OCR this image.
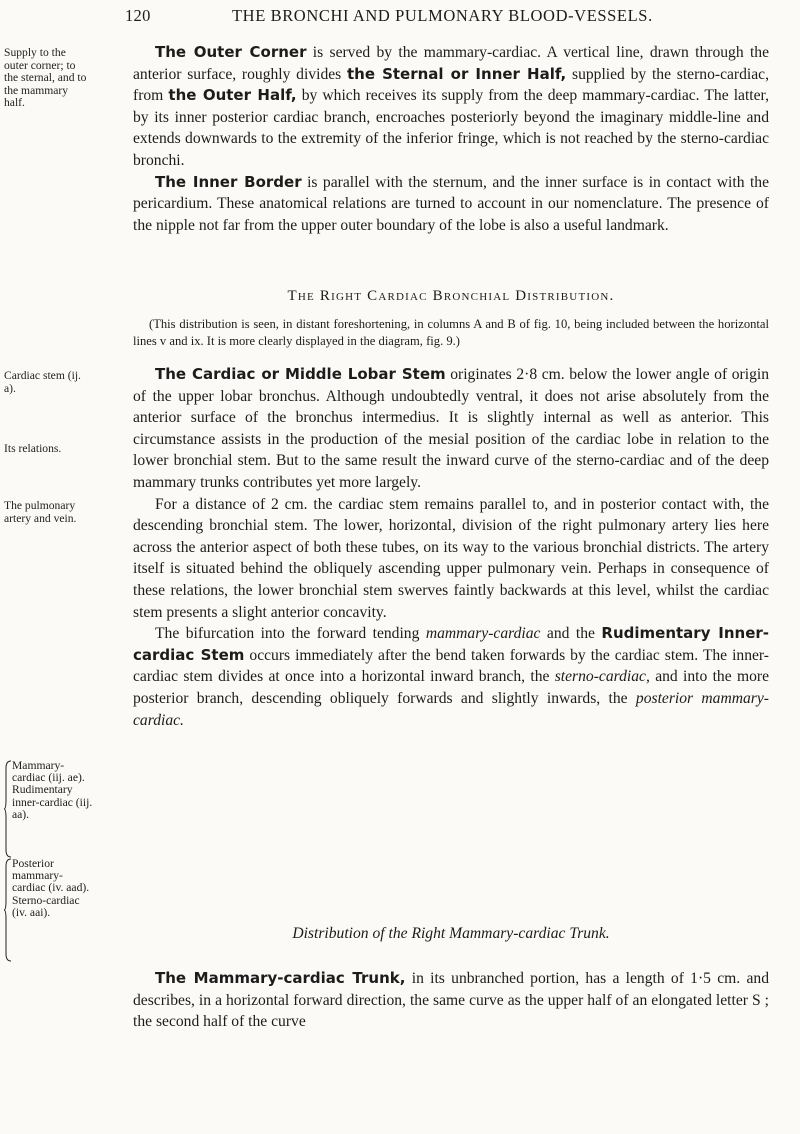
120	THE BRONCHI AND PULMONARY BLOOD-VESSELS.
Supply to the outer corner; to the sternal, and to the mammary half.
Cardiac stem (ij. a).
Its relations.
The pulmonary artery and vein.
Mammary-cardiac (iij. ae).
Rudimentary inner-cardiac (iij. aa).
Posterior mammary-cardiac (iv. aad).
Sterno-cardiac (iv. aai).

The Outer Corner is served by the mammary-cardiac. A vertical line, drawn through the anterior surface, roughly divides the Sternal or Inner Half, supplied by the sterno-cardiac, from the Outer Half, by which receives its supply from the deep mammary-cardiac. The latter, by its inner posterior cardiac branch, encroaches posteriorly beyond the imaginary middle-line and extends downwards to the extremity of the inferior fringe, which is not reached by the sterno-cardiac bronchi.

The Inner Border is parallel with the sternum, and the inner surface is in contact with the pericardium. These anatomical relations are turned to account in our nomenclature. The presence of the nipple not far from the upper outer boundary of the lobe is also a useful landmark.

The Right Cardiac Bronchial Distribution.

(This distribution is seen, in distant foreshortening, in columns A and B of fig. 10, being included between the horizontal lines v and ix. It is more clearly displayed in the diagram, fig. 9.)

The Cardiac or Middle Lobar Stem originates 2·8 cm. below the lower angle of origin of the upper lobar bronchus. Although undoubtedly ventral, it does not arise absolutely from the anterior surface of the bronchus intermedius. It is slightly internal as well as anterior. This circumstance assists in the production of the mesial position of the cardiac lobe in relation to the lower bronchial stem. But to the same result the inward curve of the sterno-cardiac and of the deep mammary trunks contributes yet more largely.

For a distance of 2 cm. the cardiac stem remains parallel to, and in posterior contact with, the descending bronchial stem. The lower, horizontal, division of the right pulmonary artery lies here across the anterior aspect of both these tubes, on its way to the various bronchial districts. The artery itself is situated behind the obliquely ascending upper pulmonary vein. Perhaps in consequence of these relations, the lower bronchial stem swerves faintly backwards at this level, whilst the cardiac stem presents a slight anterior concavity.

The bifurcation into the forward tending mammary-cardiac and the Rudimentary Inner-cardiac Stem occurs immediately after the bend taken forwards by the cardiac stem. The inner-cardiac stem divides at once into a horizontal inward branch, the sterno-cardiac, and into the more posterior branch, descending obliquely forwards and slightly inwards, the posterior mammary-cardiac.

Distribution of the Right Mammary-cardiac Trunk.

The Mammary-cardiac Trunk, in its unbranched portion, has a length of 1·5 cm. and describes, in a horizontal forward direction, the same curve as the upper half of an elongated letter S ; the second half of the curve
